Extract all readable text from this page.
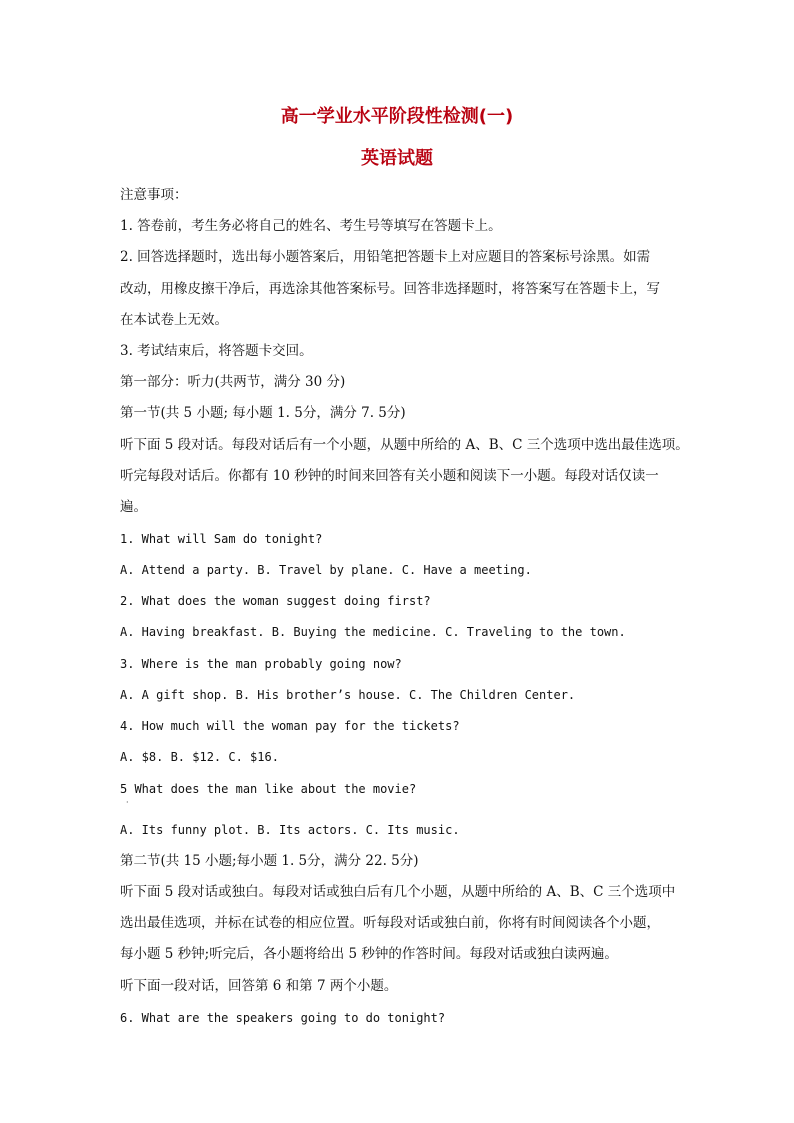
高一学业水平阶段性检测(一)
英语试题
注意事项：
1. 答卷前，考生务必将自己的姓名、考生号等填写在答题卡上。
2. 回答选择题时，选出每小题答案后，用铅笔把答题卡上对应题目的答案标号涂黑。如需
改动，用橡皮擦干净后，再选涂其他答案标号。回答非选择题时，将答案写在答题卡上，写
在本试卷上无效。
3. 考试结束后，将答题卡交回。
第一部分：听力(共两节，满分 30 分)
第一节(共 5 小题; 每小题 1. 5分，满分 7. 5分)
听下面 5 段对话。每段对话后有一个小题，从题中所给的 A、B、C 三个选项中选出最佳选项。
听完每段对话后。你都有 10 秒钟的时间来回答有关小题和阅读下一小题。每段对话仅读一
遍。
1. What will Sam do tonight?
A. Attend a party. B. Travel by plane. C. Have a meeting.
2. What does the woman suggest doing first?
A. Having breakfast. B. Buying the medicine. C. Traveling to the town.
3. Where is the man probably going now?
A. A gift shop. B. His brother’s house. C. The Children Center.
4. How much will the woman pay for the tickets?
A. $8. B. $12. C. $16.
5 What does the man like about the movie?
·
A. Its funny plot. B. Its actors. C. Its music.
第二节(共 15 小题;每小题 1. 5分，满分 22. 5分)
听下面 5 段对话或独白。每段对话或独白后有几个小题，从题中所给的 A、B、C 三个选项中
选出最佳选项，并标在试卷的相应位置。听每段对话或独白前，你将有时间阅读各个小题，
每小题 5 秒钟;听完后，各小题将给出 5 秒钟的作答时间。每段对话或独白读两遍。
听下面一段对话，回答第 6 和第 7 两个小题。
6. What are the speakers going to do tonight?
